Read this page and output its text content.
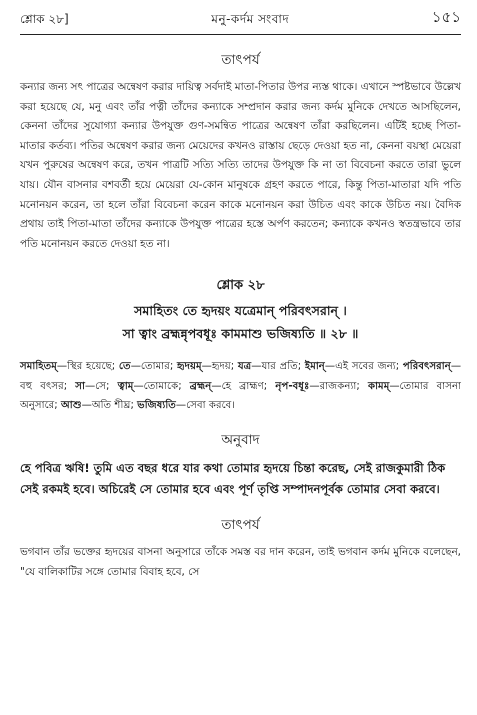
শ্লোক ২৮]	মনু-কর্দম সংবাদ	১৫১
তাৎপর্য

কন্যার জন্য সৎ পাত্রের অন্বেষণ করার দায়িত্ব সর্বদাই মাতা-পিতার উপর ন্যস্ত থাকে। এখানে স্পষ্টভাবে উল্লেখ করা হয়েছে যে, মনু এবং তাঁর পত্নী তাঁদের কন্যাকে সম্প্রদান করার জন্য কর্দম মুনিকে দেখতে আসছিলেন, কেননা তাঁদের সুযোগ্যা কন্যার উপযুক্ত গুণ-সমন্বিত পাত্রের অন্বেষণ তাঁরা করছিলেন। এটিই হচ্ছে পিতা-মাতার কর্তব্য। পতির অন্বেষণ করার জন্য মেয়েদের কখনও রাস্তায় ছেড়ে দেওয়া হত না, কেননা বয়স্থা মেয়েরা যখন পুরুষের অন্বেষণ করে, তখন পাত্রটি সত্যি সত্যি তাদের উপযুক্ত কি না তা বিবেচনা করতে তারা ভুলে যায়। যৌন বাসনার বশবর্তী হয়ে মেয়েরা যে-কোন মানুষকে গ্রহণ করতে পারে, কিন্তু পিতা-মাতারা যদি পতি মনোনয়ন করেন, তা হলে তাঁরা বিবেচনা করেন কাকে মনোনয়ন করা উচিত এবং কাকে উচিত নয়। বৈদিক প্রথায় তাই পিতা-মাতা তাঁদের কন্যাকে উপযুক্ত পাত্রের হস্তে অর্পণ করতেন; কন্যাকে কখনও স্বতন্ত্রভাবে তার পতি মনোনয়ন করতে দেওয়া হত না।

শ্লোক ২৮
সমাহিতং তে হৃদয়ং যত্রেমান্ পরিবৎসরান্ ।
সা ত্বাং ব্রহ্মন্নৃপবধূঃ কামমাশু ভজিষ্যতি ॥ ২৮ ॥
সমাহিতম্—স্থির হয়েছে; তে—তোমার; হৃদয়ম্—হৃদয়; যত্র—যার প্রতি; ইমান্—এই সবের জন্য; পরিবৎসরান্—বহু বৎসর; সা—সে; ত্বাম্—তোমাকে; ব্রহ্মন্—হে ব্রাহ্মণ; নৃপ-বধূঃ—রাজকন্যা; কামম্—তোমার বাসনা অনুসারে; আশু—অতি শীঘ্র; ভজিষ্যতি—সেবা করবে।
অনুবাদ

হে পবিত্র ঋষি! তুমি এত বছর ধরে যার কথা তোমার হৃদয়ে চিন্তা করেছ, সেই রাজকুমারী ঠিক সেই রকমই হবে। অচিরেই সে তোমার হবে এবং পূর্ণ তৃপ্তি সম্পাদনপূর্বক তোমার সেবা করবে।

তাৎপর্য

ভগবান তাঁর ভক্তের হৃদয়ের বাসনা অনুসারে তাঁকে সমস্ত বর দান করেন, তাই ভগবান কর্দম মুনিকে বলেছেন, "যে বালিকাটির সঙ্গে তোমার বিবাহ হবে, সে
